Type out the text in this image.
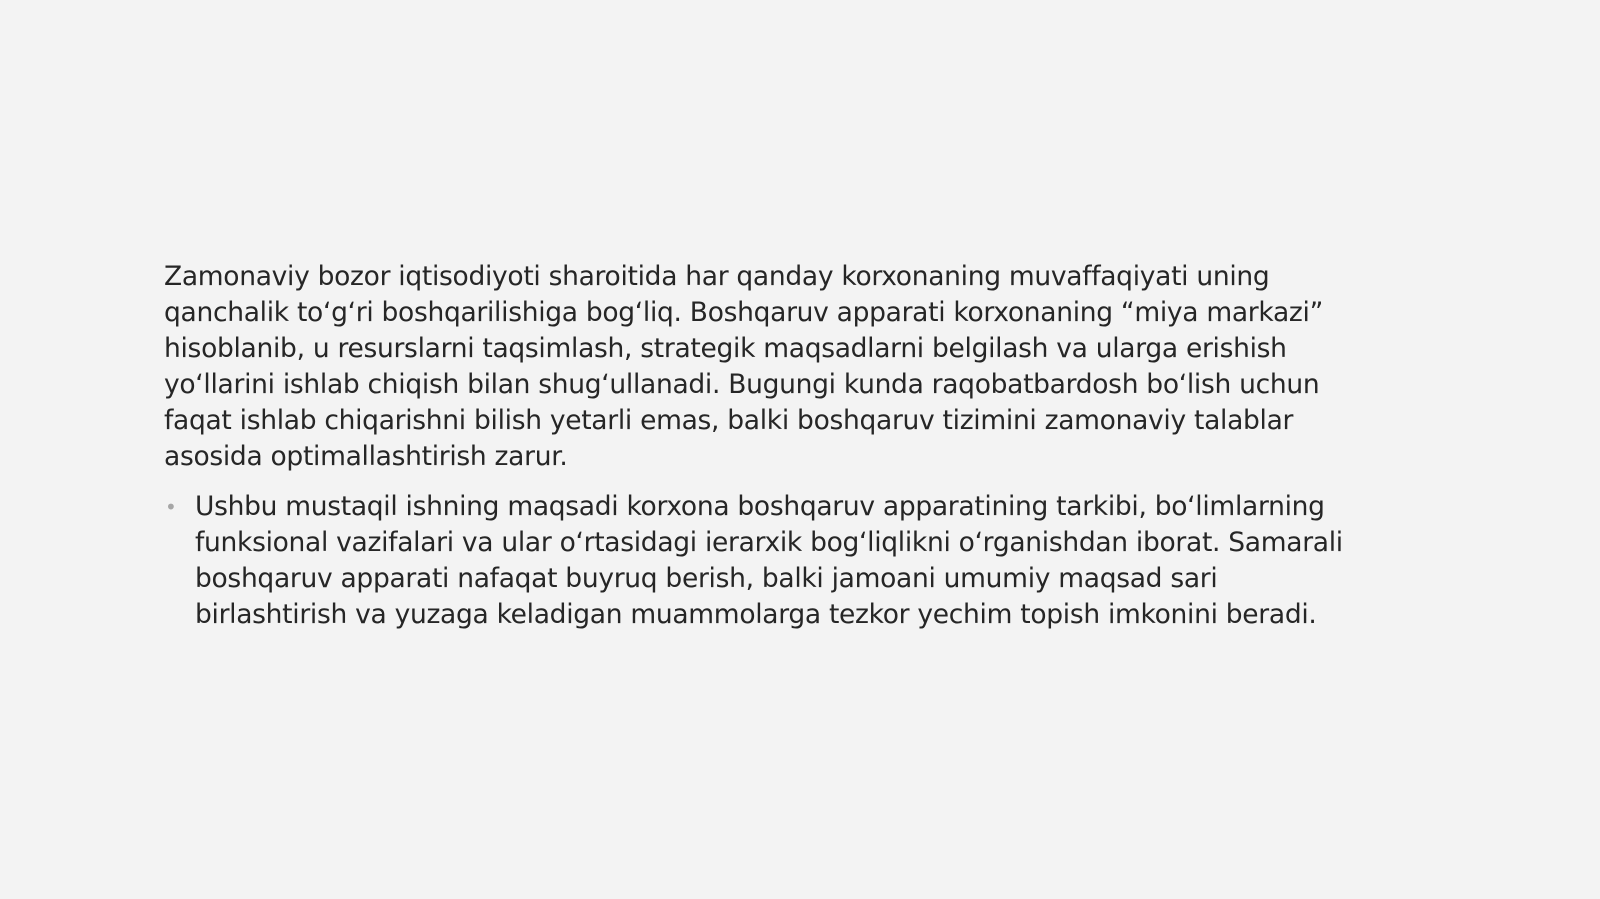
Zamonaviy bozor iqtisodiyoti sharoitida har qanday korxonaning muvaffaqiyati uning
qanchalik toʻgʻri boshqarilishiga bogʻliq. Boshqaruv apparati korxonaning “miya markazi”
hisoblanib, u resurslarni taqsimlash, strategik maqsadlarni belgilash va ularga erishish
yoʻllarini ishlab chiqish bilan shugʻullanadi. Bugungi kunda raqobatbardosh boʻlish uchun
faqat ishlab chiqarishni bilish yetarli emas, balki boshqaruv tizimini zamonaviy talablar
asosida optimallashtirish zarur.

• Ushbu mustaqil ishning maqsadi korxona boshqaruv apparatining tarkibi, boʻlimlarning
funksional vazifalari va ular oʻrtasidagi ierarxik bogʻliqlikni oʻrganishdan iborat. Samarali
boshqaruv apparati nafaqat buyruq berish, balki jamoani umumiy maqsad sari
birlashtirish va yuzaga keladigan muammolarga tezkor yechim topish imkonini beradi.
